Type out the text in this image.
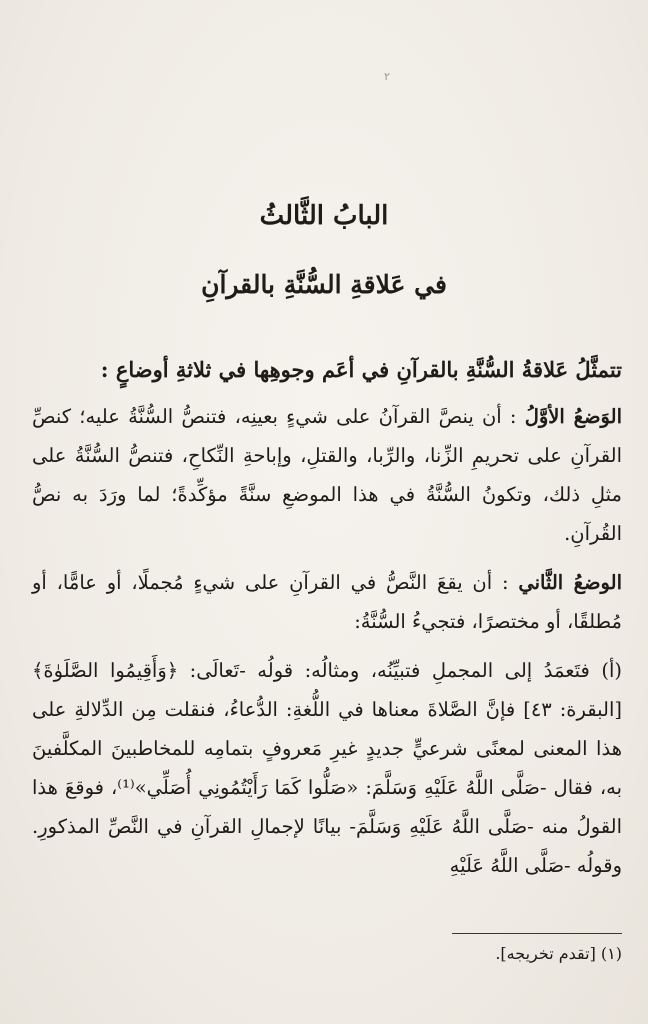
٢
البابُ الثَّالثُ
في عَلاقةِ السُّنَّةِ بالقرآنِ

تتمثَّلُ عَلاقةُ السُّنَّةِ بالقرآنِ في أعَم وجوهِها في ثلاثةِ أوضاعٍ :

الوَضعُ الأوَّلُ : أن ينصَّ القرآنُ على شيءٍ بعينِه، فتنصُّ السُّنَّةُ عليه؛ كنصِّ القرآنِ على تحريمِ الزِّنا، والرِّبا، والقتلِ، وإباحةِ النِّكاحِ، فتنصُّ السُّنَّةُ على مثلِ ذلك، وتكونُ السُّنَّةُ في هذا الموضعِ سنَّةً مؤكِّدةً؛ لما ورَدَ به نصُّ القُرآنِ.

الوضعُ الثَّاني : أن يقعَ النَّصُّ في القرآنِ على شيءٍ مُجملًا، أو عامًّا، أو مُطلقًا، أو مختصرًا، فتجيءُ السُّنَّةُ:

(أ) فتَعمَدُ إلى المجملِ فتبيِّنُه، ومثالُه: قولُه -تَعالَى: ﴿وَأَقِيمُوا الصَّلَوٰةَ﴾ [البقرة: ٤٣] فإنَّ الصَّلاةَ معناها في اللُّغةِ: الدُّعاءُ، فنقلت مِن الدِّلالةِ على هذا المعنى لمعنًى شرعيٍّ جديدٍ غيرِ مَعروفٍ بتمامِه للمخاطبينَ المكلَّفينَ به، فقال -صَلَّى اللَّهُ عَلَيْهِ وَسَلَّمَ: «صَلُّوا كَمَا رَأَيْتُمُونِي أُصَلِّي»⁽¹⁾، فوقعَ هذا القولُ منه -صَلَّى اللَّهُ عَلَيْهِ وَسَلَّمَ- بيانًا لإجمالِ القرآنِ في النَّصِّ المذكورِ. وقولُه -صَلَّى اللَّهُ عَلَيْهِ

(١) [تقدم تخريجه].
